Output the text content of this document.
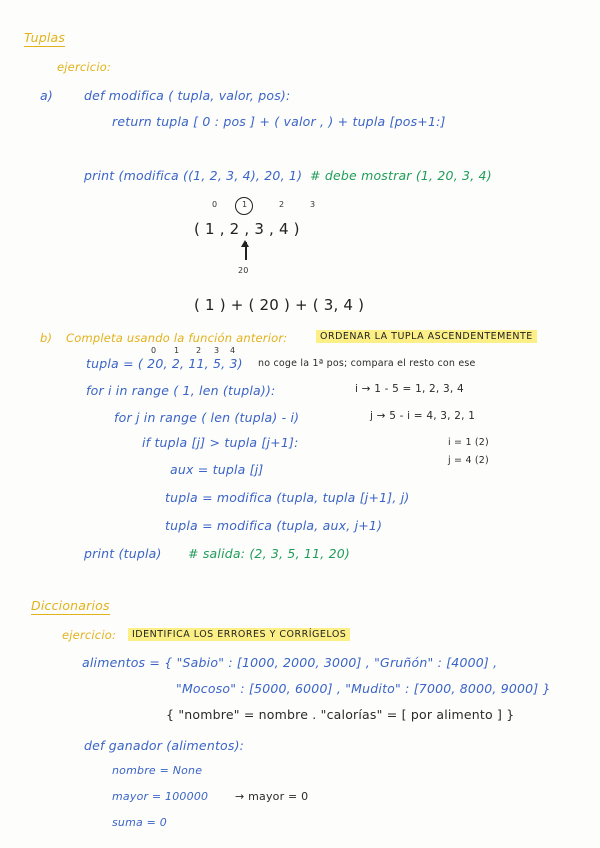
Tuplas
ejercicio:
a) def modifica ( tupla, valor, pos):
return tupla [ 0 : pos ] + ( valor , ) + tupla [pos+1:]
print (modifica ((1, 2, 3, 4), 20, 1) # debe mostrar (1, 20, 3, 4)
0	1	2	3
( 1 , 2 , 3 , 4 )
20
( 1 ) + ( 20 ) + ( 3, 4 )
b) Completa usando la función anterior:	ORDENAR LA TUPLA ASCENDENTEMENTE
0 1 2 3 4
tupla = ( 20, 2, 11, 5, 3) no coge la 1ª pos; compara el resto con ese
for i in range ( 1, len (tupla)):	i → 1 - 5 = 1, 2, 3, 4
for j in range ( len (tupla) - i)	j → 5 - i = 4, 3, 2, 1
if tupla [j] > tupla [j+1]:	i = 1 (2)
j = 4 (2)
aux = tupla [j]
tupla = modifica (tupla, tupla [j+1], j)
tupla = modifica (tupla, aux, j+1)
print (tupla) # salida: (2, 3, 5, 11, 20)
Diccionarios
ejercicio:	IDENTIFICA LOS ERRORES Y CORRÍGELOS
alimentos = { "Sabio" : [1000, 2000, 3000] , "Gruñón" : [4000] ,
"Mocoso" : [5000, 6000] , "Mudito" : [7000, 8000, 9000] }
{ "nombre" = nombre . "calorías" = [ por alimento ] }
def ganador (alimentos):
nombre = None
mayor = 100000 → mayor = 0
suma = 0
